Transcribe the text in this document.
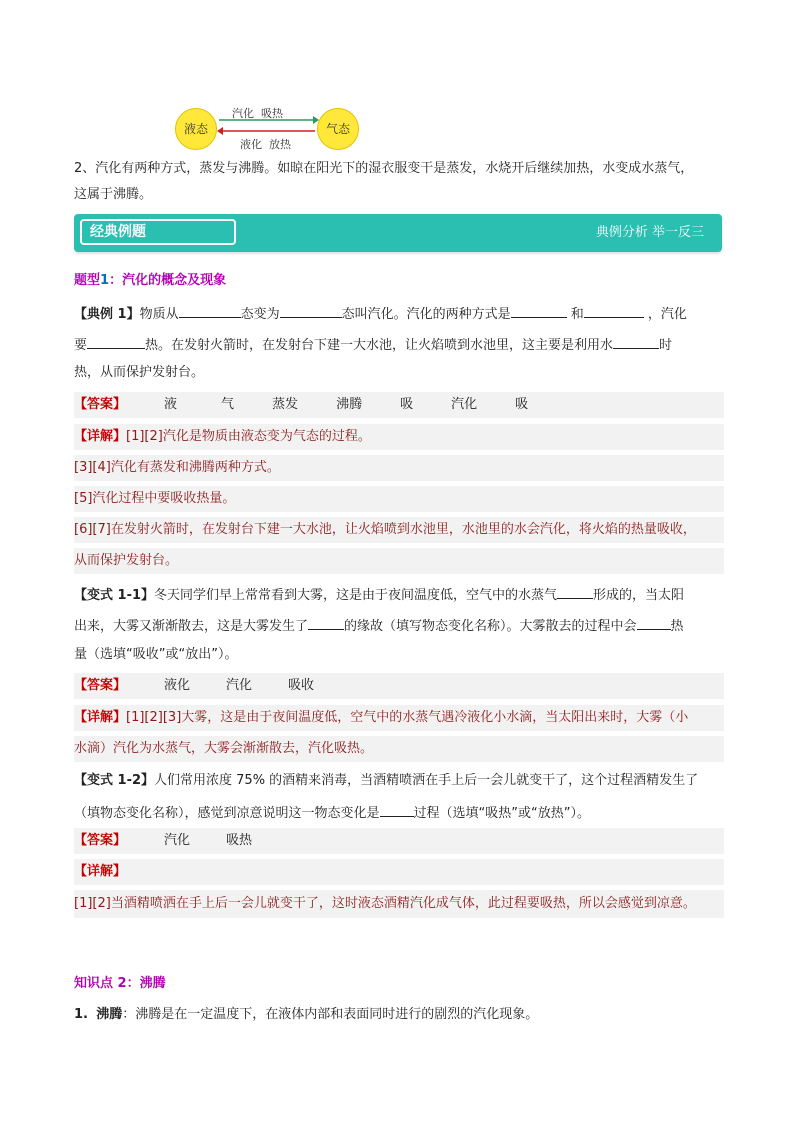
液态	气态
汽化  吸热
液化  放热
2、汽化有两种方式，蒸发与沸腾。如晾在阳光下的湿衣服变干是蒸发，水烧开后继续加热，水变成水蒸气，
这属于沸腾。
经典例题	典例分析 举一反三
题型1：汽化的概念及现象
【典例 1】物质从	态变为	态叫汽化。汽化的两种方式是	和	，汽化
要	热。在发射火箭时，在发射台下建一大水池，让火焰喷到水池里，这主要是利用水	时
热，从而保护发射台。
【答案】	液	气	蒸发	沸腾	吸	汽化	吸
【详解】[1][2]汽化是物质由液态变为气态的过程。
[3][4]汽化有蒸发和沸腾两种方式。
[5]汽化过程中要吸收热量。
[6][7]在发射火箭时，在发射台下建一大水池，让火焰喷到水池里，水池里的水会汽化，将火焰的热量吸收，
从而保护发射台。
【变式 1-1】冬天同学们早上常常看到大雾，这是由于夜间温度低，空气中的水蒸气	形成的，当太阳
出来，大雾又渐渐散去，这是大雾发生了	的缘故（填写物态变化名称）。大雾散去的过程中会	热
量（选填“吸收”或“放出”）。
【答案】	液化	汽化	吸收
【详解】[1][2][3]大雾，这是由于夜间温度低，空气中的水蒸气遇冷液化小水滴，当太阳出来时，大雾（小
水滴）汽化为水蒸气，大雾会渐渐散去，汽化吸热。
【变式 1-2】人们常用浓度 75% 的酒精来消毒，当酒精喷洒在手上后一会儿就变干了，这个过程酒精发生了
（填物态变化名称），感觉到凉意说明这一物态变化是	过程（选填“吸热”或“放热”）。
【答案】	汽化	吸热
【详解】
[1][2]当酒精喷洒在手上后一会儿就变干了，这时液态酒精汽化成气体，此过程要吸热，所以会感觉到凉意。
知识点 2：沸腾
1. 沸腾：沸腾是在一定温度下，在液体内部和表面同时进行的剧烈的汽化现象。
